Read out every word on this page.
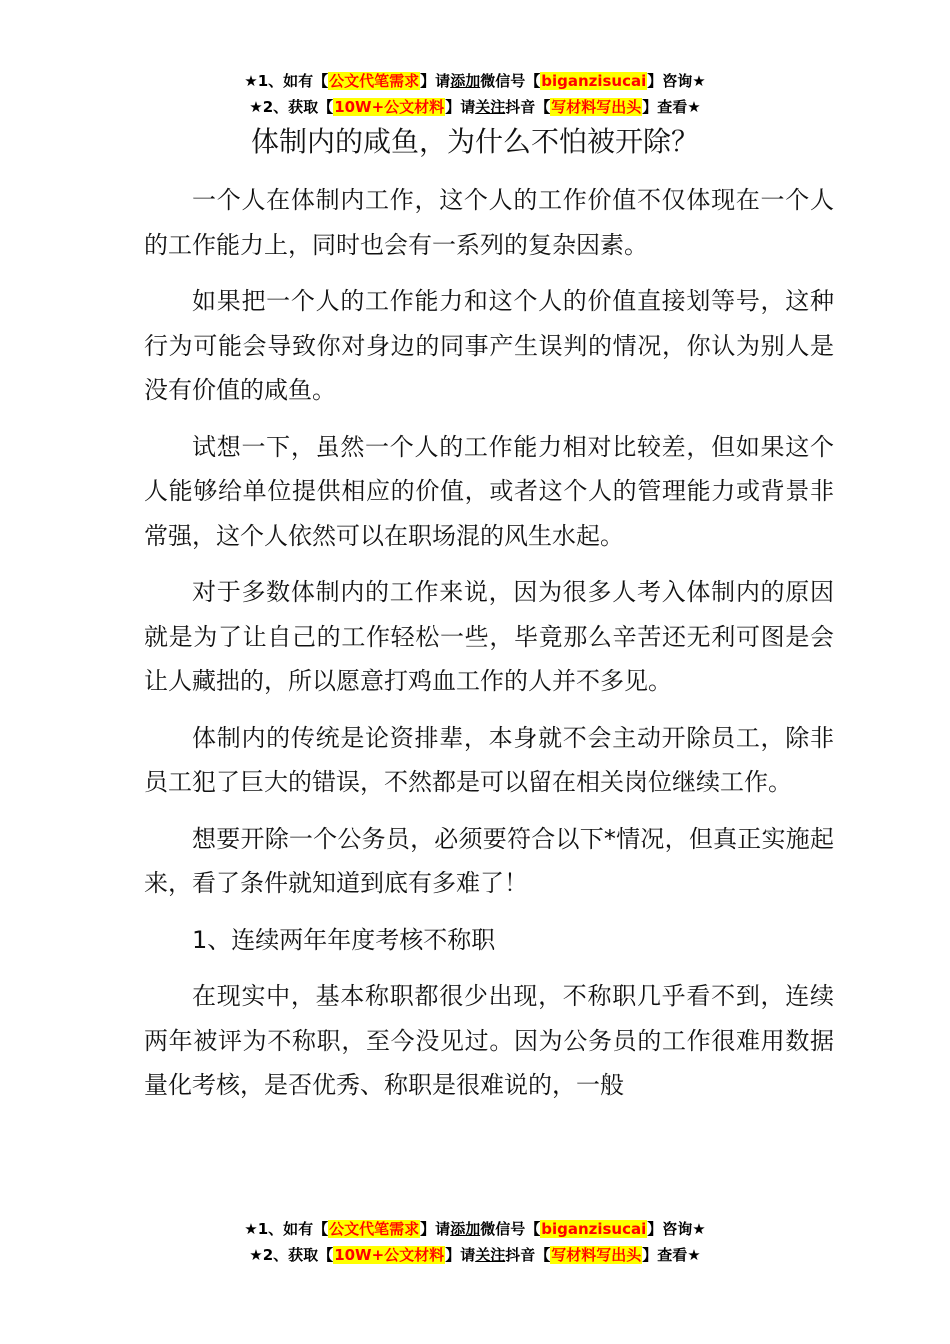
★1、如有【公文代笔需求】请添加微信号【biganzisucai】咨询★
★2、获取【10W+公文材料】请关注抖音【写材料写出头】查看★
体制内的咸鱼，为什么不怕被开除？

一个人在体制内工作，这个人的工作价值不仅体现在一个人的工作能力上，同时也会有一系列的复杂因素。

如果把一个人的工作能力和这个人的价值直接划等号，这种行为可能会导致你对身边的同事产生误判的情况，你认为别人是没有价值的咸鱼。

试想一下，虽然一个人的工作能力相对比较差，但如果这个人能够给单位提供相应的价值，或者这个人的管理能力或背景非常强，这个人依然可以在职场混的风生水起。

对于多数体制内的工作来说，因为很多人考入体制内的原因就是为了让自己的工作轻松一些，毕竟那么辛苦还无利可图是会让人藏拙的，所以愿意打鸡血工作的人并不多见。

体制内的传统是论资排辈，本身就不会主动开除员工，除非员工犯了巨大的错误，不然都是可以留在相关岗位继续工作。

想要开除一个公务员，必须要符合以下*情况，但真正实施起来，看了条件就知道到底有多难了！

1、连续两年年度考核不称职

在现实中，基本称职都很少出现，不称职几乎看不到，连续两年被评为不称职，至今没见过。因为公务员的工作很难用数据量化考核，是否优秀、称职是很难说的，一般

★1、如有【公文代笔需求】请添加微信号【biganzisucai】咨询★
★2、获取【10W+公文材料】请关注抖音【写材料写出头】查看★
